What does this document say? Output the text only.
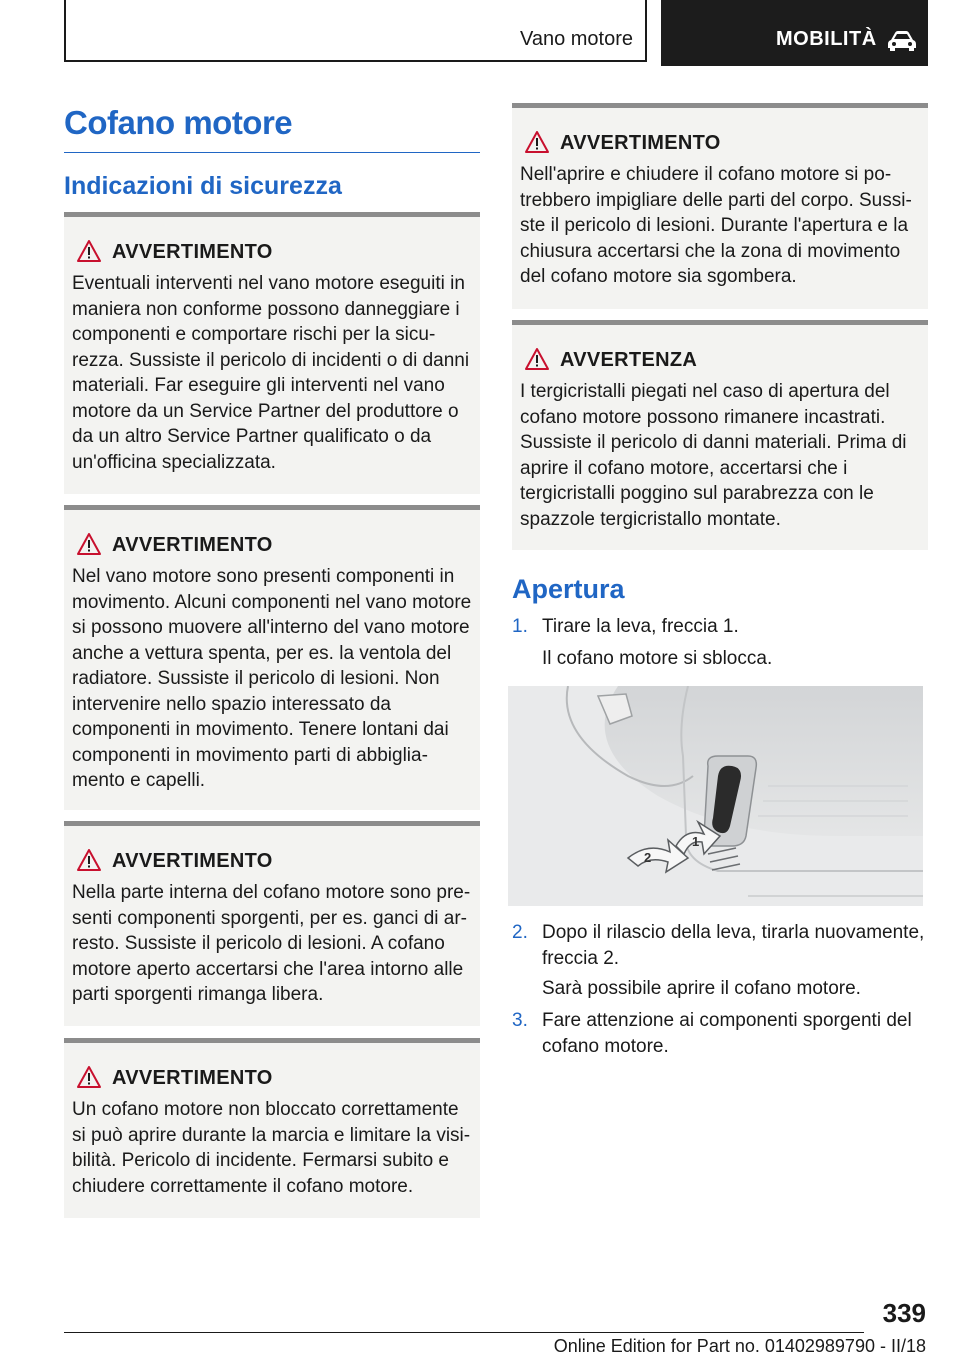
Vano motore	MOBILITÀ
Cofano motore
Indicazioni di sicurezza
AVVERTIMENTO
Eventuali interventi nel vano motore eseguiti in maniera non conforme possono danneggiare i componenti e comportare rischi per la sicurezza. Sussiste il pericolo di incidenti o di danni materiali. Far eseguire gli interventi nel vano motore da un Service Partner del produttore o da un altro Service Partner qualificato o da un'officina specializzata.
AVVERTIMENTO
Nel vano motore sono presenti componenti in movimento. Alcuni componenti nel vano motore si possono muovere all'interno del vano motore anche a vettura spenta, per es. la ventola del radiatore. Sussiste il pericolo di lesioni. Non intervenire nello spazio interessato da componenti in movimento. Tenere lontani dai componenti in movimento parti di abbigliamento e capelli.
AVVERTIMENTO
Nella parte interna del cofano motore sono presenti componenti sporgenti, per es. ganci di arresto. Sussiste il pericolo di lesioni. A cofano motore aperto accertarsi che l'area intorno alle parti sporgenti rimanga libera.
AVVERTIMENTO
Un cofano motore non bloccato correttamente si può aprire durante la marcia e limitare la visibilità. Pericolo di incidente. Fermarsi subito e chiudere correttamente il cofano motore.
AVVERTIMENTO
Nell'aprire e chiudere il cofano motore si potrebbero impigliare delle parti del corpo. Sussiste il pericolo di lesioni. Durante l'apertura e la chiusura accertarsi che la zona di movimento del cofano motore sia sgombera.
AVVERTENZA
I tergicristalli piegati nel caso di apertura del cofano motore possono rimanere incastrati. Sussiste il pericolo di danni materiali. Prima di aprire il cofano motore, accertarsi che i tergicristalli poggino sul parabrezza con le spazzole tergicristallo montate.
Apertura
1. Tirare la leva, freccia 1.
Il cofano motore si sblocca.
1
2
2. Dopo il rilascio della leva, tirarla nuovamente, freccia 2.
Sarà possibile aprire il cofano motore.
3. Fare attenzione ai componenti sporgenti del cofano motore.
339
Online Edition for Part no. 01402989790 - II/18
